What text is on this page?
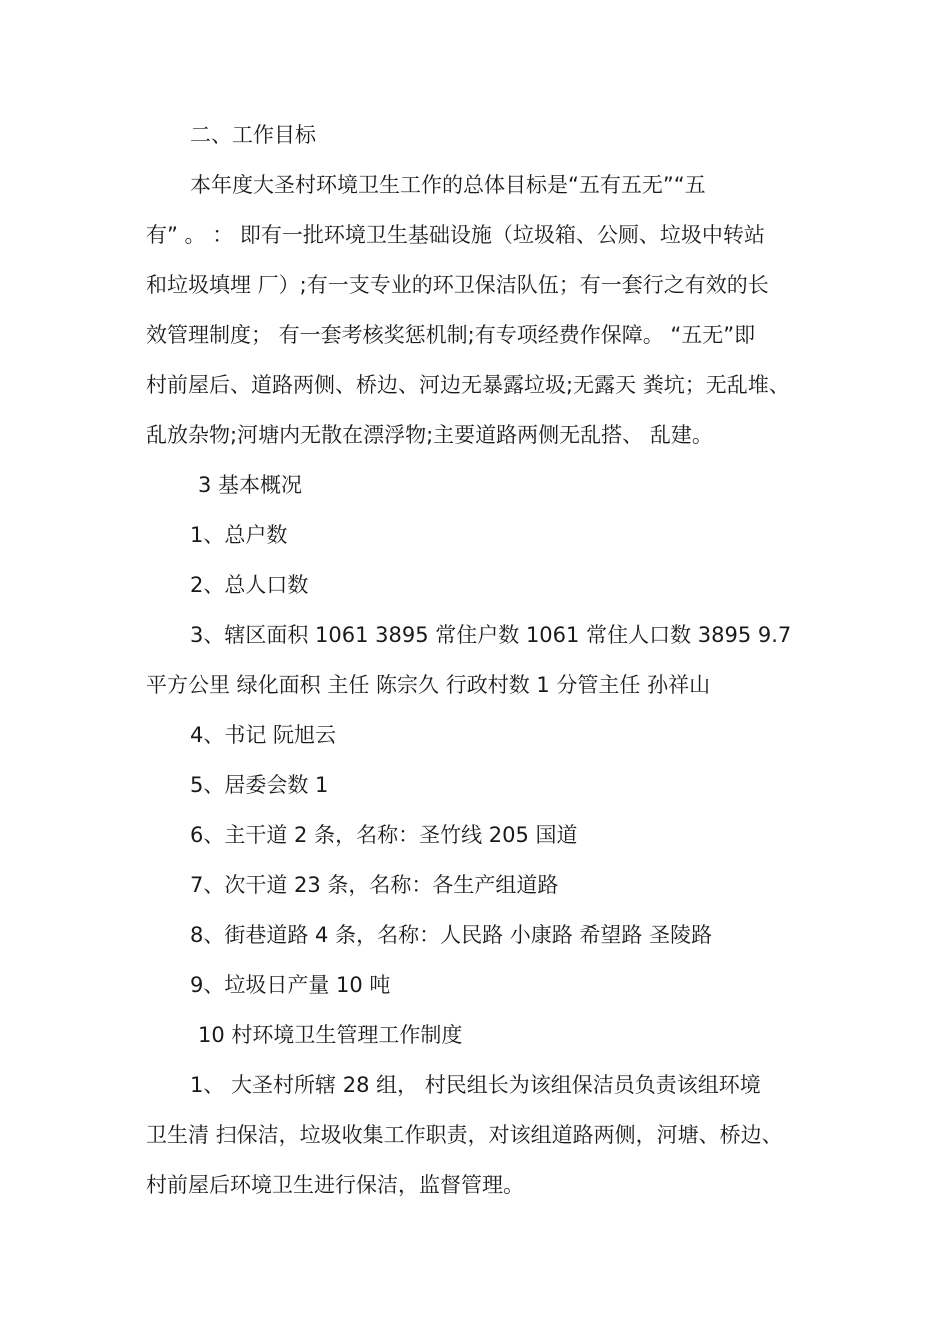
二、工作目标
本年度大圣村环境卫生工作的总体目标是“五有五无”“五
有” 。 ： 即有一批环境卫生基础设施（垃圾箱、公厕、垃圾中转站
和垃圾填埋 厂）;有一支专业的环卫保洁队伍；有一套行之有效的长
效管理制度； 有一套考核奖惩机制;有专项经费作保障。 “五无”即
村前屋后、道路两侧、桥边、河边无暴露垃圾;无露天 粪坑；无乱堆、
乱放杂物;河塘内无散在漂浮物;主要道路两侧无乱搭、 乱建。
3 基本概况
1、总户数
2、总人口数
3、辖区面积 1061 3895 常住户数 1061 常住人口数 3895 9.7
平方公里 绿化面积 主任 陈宗久 行政村数 1 分管主任 孙祥山
4、书记 阮旭云
5、居委会数 1
6、主干道 2 条，名称：圣竹线 205 国道
7、次干道 23 条，名称：各生产组道路
8、街巷道路 4 条，名称：人民路 小康路 希望路 圣陵路
9、垃圾日产量 10 吨
10 村环境卫生管理工作制度
1、 大圣村所辖 28 组， 村民组长为该组保洁员负责该组环境
卫生清 扫保洁，垃圾收集工作职责，对该组道路两侧，河塘、桥边、
村前屋后环境卫生进行保洁，监督管理。
